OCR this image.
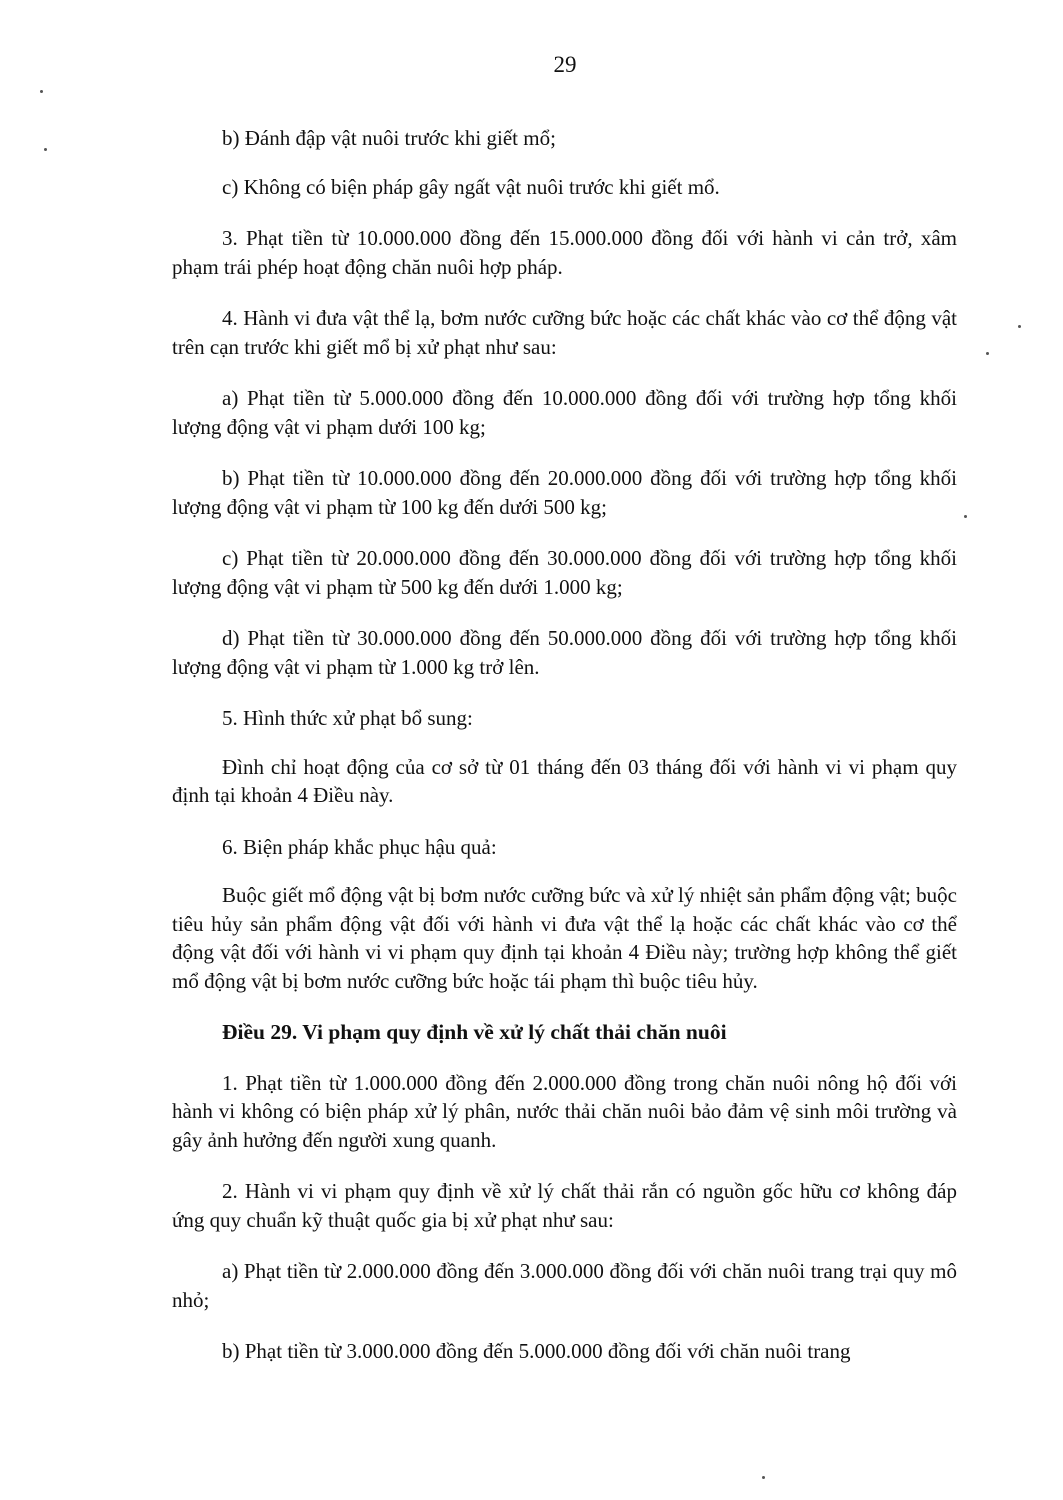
29

b) Đánh đập vật nuôi trước khi giết mổ;

c) Không có biện pháp gây ngất vật nuôi trước khi giết mổ.

3. Phạt tiền từ 10.000.000 đồng đến 15.000.000 đồng đối với hành vi cản trở, xâm phạm trái phép hoạt động chăn nuôi hợp pháp.

4. Hành vi đưa vật thể lạ, bơm nước cưỡng bức hoặc các chất khác vào cơ thể động vật trên cạn trước khi giết mổ bị xử phạt như sau:

a) Phạt tiền từ 5.000.000 đồng đến 10.000.000 đồng đối với trường hợp tổng khối lượng động vật vi phạm dưới 100 kg;

b) Phạt tiền từ 10.000.000 đồng đến 20.000.000 đồng đối với trường hợp tổng khối lượng động vật vi phạm từ 100 kg đến dưới 500 kg;

c) Phạt tiền từ 20.000.000 đồng đến 30.000.000 đồng đối với trường hợp tổng khối lượng động vật vi phạm từ 500 kg đến dưới 1.000 kg;

d) Phạt tiền từ 30.000.000 đồng đến 50.000.000 đồng đối với trường hợp tổng khối lượng động vật vi phạm từ 1.000 kg trở lên.

5. Hình thức xử phạt bổ sung:

Đình chỉ hoạt động của cơ sở từ 01 tháng đến 03 tháng đối với hành vi vi phạm quy định tại khoản 4 Điều này.

6. Biện pháp khắc phục hậu quả:

Buộc giết mổ động vật bị bơm nước cưỡng bức và xử lý nhiệt sản phẩm động vật; buộc tiêu hủy sản phẩm động vật đối với hành vi đưa vật thể lạ hoặc các chất khác vào cơ thể động vật đối với hành vi vi phạm quy định tại khoản 4 Điều này; trường hợp không thể giết mổ động vật bị bơm nước cưỡng bức hoặc tái phạm thì buộc tiêu hủy.

Điều 29. Vi phạm quy định về xử lý chất thải chăn nuôi

1. Phạt tiền từ 1.000.000 đồng đến 2.000.000 đồng trong chăn nuôi nông hộ đối với hành vi không có biện pháp xử lý phân, nước thải chăn nuôi bảo đảm vệ sinh môi trường và gây ảnh hưởng đến người xung quanh.

2. Hành vi vi phạm quy định về xử lý chất thải rắn có nguồn gốc hữu cơ không đáp ứng quy chuẩn kỹ thuật quốc gia bị xử phạt như sau:

a) Phạt tiền từ 2.000.000 đồng đến 3.000.000 đồng đối với chăn nuôi trang trại quy mô nhỏ;

b) Phạt tiền từ 3.000.000 đồng đến 5.000.000 đồng đối với chăn nuôi trang
